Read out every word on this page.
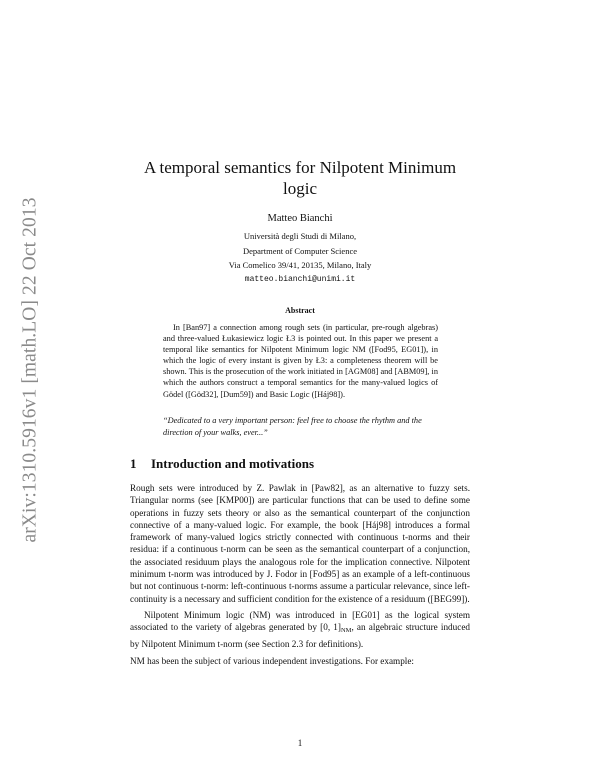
arXiv:1310.5916v1 [math.LO] 22 Oct 2013
A temporal semantics for Nilpotent Minimum logic
Matteo Bianchi
Università degli Studi di Milano,
Department of Computer Science
Via Comelico 39/41, 20135, Milano, Italy
matteo.bianchi@unimi.it
Abstract

In [Ban97] a connection among rough sets (in particular, pre-rough algebras) and three-valued Łukasiewicz logic Ł3 is pointed out. In this paper we present a temporal like semantics for Nilpotent Minimum logic NM ([Fod95, EG01]), in which the logic of every instant is given by Ł3: a completeness theorem will be shown. This is the prosecution of the work initiated in [AGM08] and [ABM09], in which the authors construct a temporal semantics for the many-valued logics of Gödel ([Göd32], [Dum59]) and Basic Logic ([Háj98]).

“Dedicated to a very important person: feel free to choose the rhythm and the direction of your walks, ever...”

1 Introduction and motivations

Rough sets were introduced by Z. Pawlak in [Paw82], as an alternative to fuzzy sets. Triangular norms (see [KMP00]) are particular functions that can be used to define some operations in fuzzy sets theory or also as the semantical counterpart of the conjunction connective of a many-valued logic. For example, the book [Háj98] introduces a formal framework of many-valued logics strictly connected with continuous t-norms and their residua: if a continuous t-norm can be seen as the semantical counterpart of a conjunction, the associated residuum plays the analogous role for the implication connective. Nilpotent minimum t-norm was introduced by J. Fodor in [Fod95] as an example of a left-continuous but not continuous t-norm: left-continuous t-norms assume a particular relevance, since left-continuity is a necessary and sufficient condition for the existence of a residuum ([BEG99]).

Nilpotent Minimum logic (NM) was introduced in [EG01] as the logical system associated to the variety of algebras generated by [0, $1]_{NM}$, an algebraic structure induced by Nilpotent Minimum t-norm (see Section 2.3 for definitions).

NM has been the subject of various independent investigations. For example:

1
